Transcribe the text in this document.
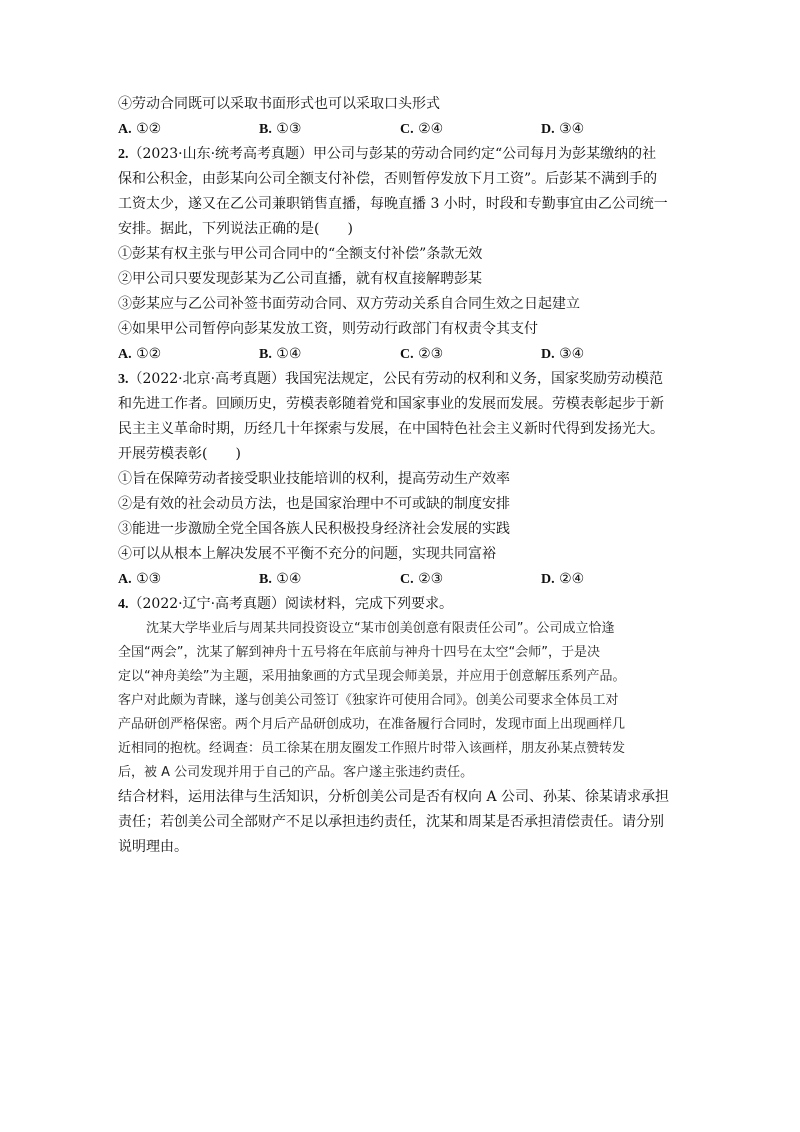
④劳动合同既可以采取书面形式也可以采取口头形式
A. ①②	B. ①③	C. ②④	D. ③④
2.（2023·山东·统考高考真题）甲公司与彭某的劳动合同约定“公司每月为彭某缴纳的社
保和公积金，由彭某向公司全额支付补偿，否则暂停发放下月工资”。后彭某不满到手的
工资太少，遂又在乙公司兼职销售直播，每晚直播 3 小时，时段和专勤事宜由乙公司统一
安排。据此，下列说法正确的是(　　)
①彭某有权主张与甲公司合同中的“全额支付补偿”条款无效
②甲公司只要发现彭某为乙公司直播，就有权直接解聘彭某
③彭某应与乙公司补签书面劳动合同、双方劳动关系自合同生效之日起建立
④如果甲公司暂停向彭某发放工资，则劳动行政部门有权责令其支付
A. ①②	B. ①④	C. ②③	D. ③④
3.（2022·北京·高考真题）我国宪法规定，公民有劳动的权利和义务，国家奖励劳动模范
和先进工作者。回顾历史，劳模表彰随着党和国家事业的发展而发展。劳模表彰起步于新
民主主义革命时期，历经几十年探索与发展，在中国特色社会主义新时代得到发扬光大。
开展劳模表彰(　　)
①旨在保障劳动者接受职业技能培训的权利，提高劳动生产效率
②是有效的社会动员方法，也是国家治理中不可或缺的制度安排
③能进一步激励全党全国各族人民积极投身经济社会发展的实践
④可以从根本上解决发展不平衡不充分的问题，实现共同富裕
A. ①③	B. ①④	C. ②③	D. ②④
4.（2022·辽宁·高考真题）阅读材料，完成下列要求。
沈某大学毕业后与周某共同投资设立“某市创美创意有限责任公司”。公司成立恰逢
全国“两会”，沈某了解到神舟十五号将在年底前与神舟十四号在太空“会师”，于是决
定以“神舟美绘”为主题，采用抽象画的方式呈现会师美景，并应用于创意解压系列产品。
客户对此颇为青睐，遂与创美公司签订《独家许可使用合同》。创美公司要求全体员工对
产品研创严格保密。两个月后产品研创成功，在准备履行合同时，发现市面上出现画样几
近相同的抱枕。经调查：员工徐某在朋友圈发工作照片时带入该画样，朋友孙某点赞转发
后，被 A 公司发现并用于自己的产品。客户遂主张违约责任。
结合材料，运用法律与生活知识，分析创美公司是否有权向 A 公司、孙某、徐某请求承担
责任；若创美公司全部财产不足以承担违约责任，沈某和周某是否承担清偿责任。请分别
说明理由。
